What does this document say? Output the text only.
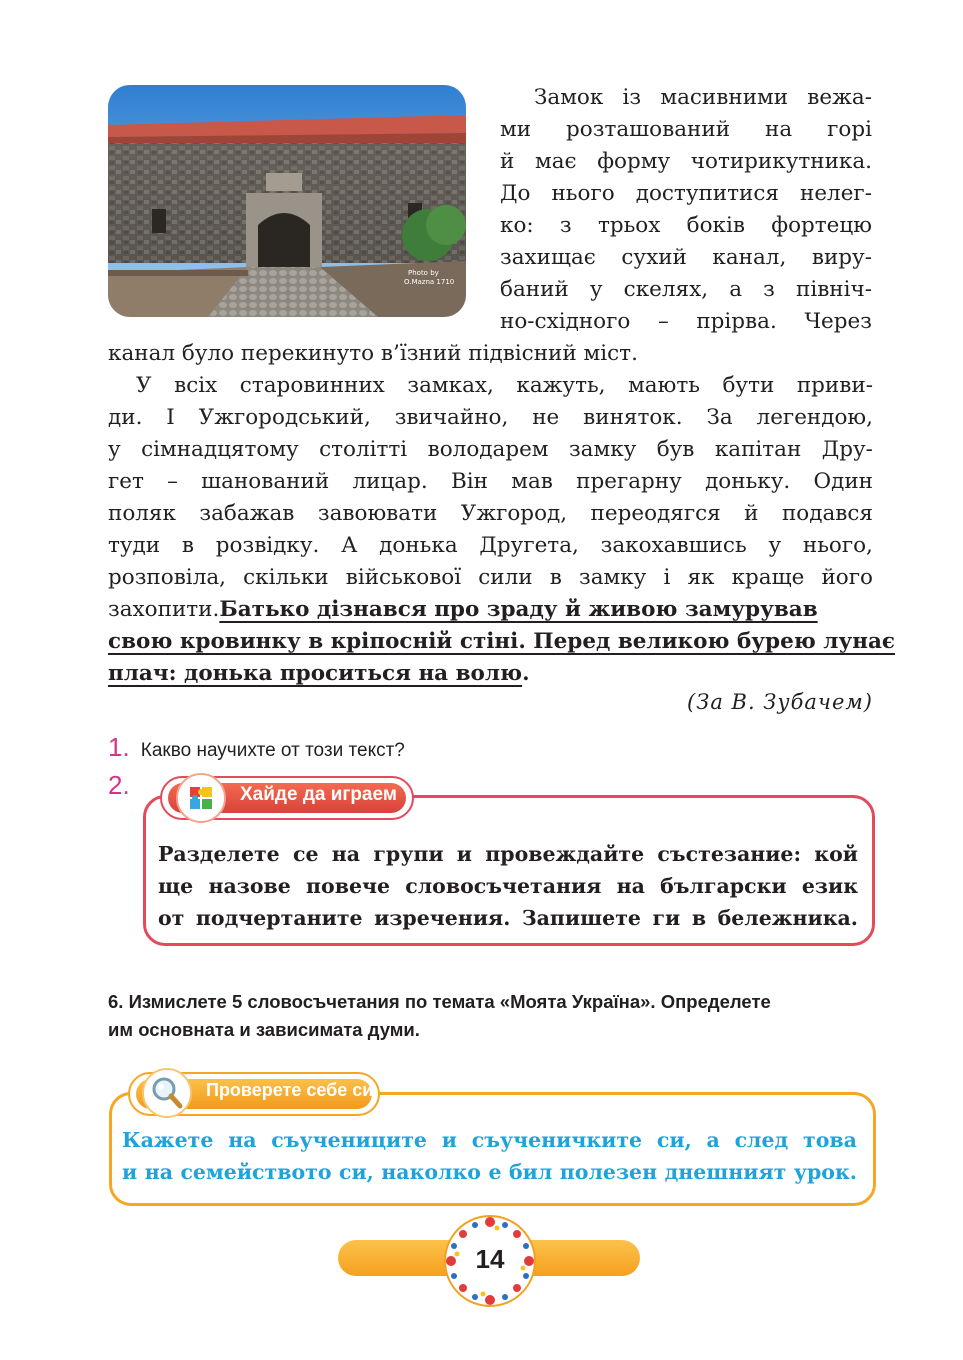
Photo by
O.Mazna 1710
Замок із масивними вежа-
ми розташований на горі
й має форму чотирикутника.
До нього доступитися нелег-
ко: з трьох боків фортецю
захищає сухий канал, виру-
баний у скелях, а з північ-
но-східного – прірва. Через
канал було перекинуто в’їзний підвісний міст.
У всіх старовинних замках, кажуть, мають бути приви-
ди. І Ужгородський, звичайно, не виняток. За легендою,
у сімнадцятому столітті володарем замку був капітан Дру-
гет – шанований лицар. Він мав прегарну доньку. Один
поляк забажав завоювати Ужгород, переодягся й подався
туди в розвідку. А донька Другета, закохавшись у нього,
розповіла, скільки військової сили в замку і як краще його
захопити.Батько дізнався про зраду й живою замурував
свою кровинку в кріпосній стіні. Перед великою бурею лунає
плач: донька проситься на волю.
(За В. Зубачем)
1. Какво научихте от този текст?
2.	Хайде да играем
Разделете се на групи и провеждайте състезание: кой
ще назове повече словосъчетания на български език
от подчертаните изречения. Запишете ги в бележника.
6. Измислете 5 словосъчетания по темата «Моята Україна». Определете
им основната и зависимата думи.
Проверете себе си
Кажете на съучениците и съученичките си, а след това
и на семейството си, наколко е бил полезен днешният урок.
14
